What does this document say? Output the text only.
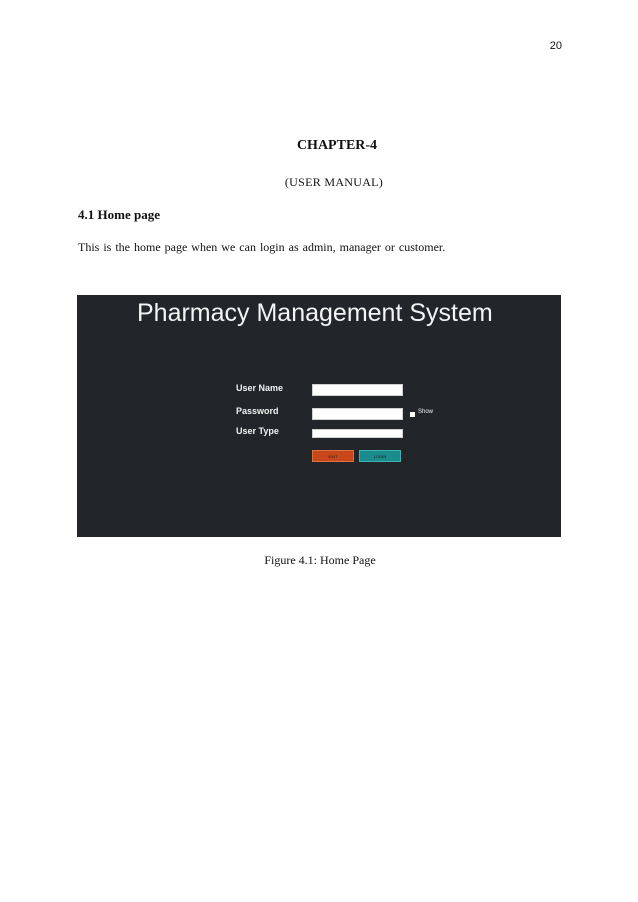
20
CHAPTER-4
(USER MANUAL)
4.1 Home page
This is the home page when we can login as admin, manager or customer.
Pharmacy Management System
User Name
Password	Show
User Type
EXIT	LOGIN
Figure 4.1: Home Page
